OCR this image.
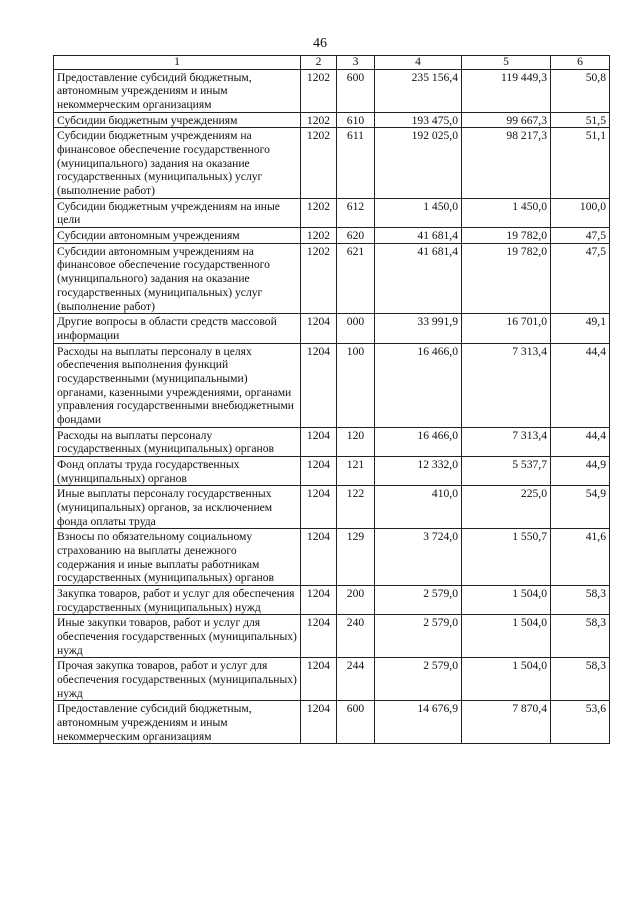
46
1	2	3	4	5	6
Предоставление субсидий бюджетным, автономным учреждениям и иным некоммерческим организациям	1202	600	235 156,4	119 449,3	50,8
Субсидии бюджетным учреждениям	1202	610	193 475,0	99 667,3	51,5
Субсидии бюджетным учреждениям на финансовое обеспечение государственного (муниципального) задания на оказание государственных (муниципальных) услуг (выполнение работ)	1202	611	192 025,0	98 217,3	51,1
Субсидии бюджетным учреждениям на иные цели	1202	612	1 450,0	1 450,0	100,0
Субсидии автономным учреждениям	1202	620	41 681,4	19 782,0	47,5
Субсидии автономным учреждениям на финансовое обеспечение государственного (муниципального) задания на оказание государственных (муниципальных) услуг (выполнение работ)	1202	621	41 681,4	19 782,0	47,5
Другие вопросы в области средств массовой информации	1204	000	33 991,9	16 701,0	49,1
Расходы на выплаты персоналу в целях обеспечения выполнения функций государственными (муниципальными) органами, казенными учреждениями, органами управления государственными внебюджетными фондами	1204	100	16 466,0	7 313,4	44,4
Расходы на выплаты персоналу государственных (муниципальных) органов	1204	120	16 466,0	7 313,4	44,4
Фонд оплаты труда государственных (муниципальных) органов	1204	121	12 332,0	5 537,7	44,9
Иные выплаты персоналу государственных (муниципальных) органов, за исключением фонда оплаты труда	1204	122	410,0	225,0	54,9
Взносы по обязательному социальному страхованию на выплаты денежного содержания и иные выплаты работникам государственных (муниципальных) органов	1204	129	3 724,0	1 550,7	41,6
Закупка товаров, работ и услуг для обеспечения государственных (муниципальных) нужд	1204	200	2 579,0	1 504,0	58,3
Иные закупки товаров, работ и услуг для обеспечения государственных (муниципальных) нужд	1204	240	2 579,0	1 504,0	58,3
Прочая закупка товаров, работ и услуг для обеспечения государственных (муниципальных) нужд	1204	244	2 579,0	1 504,0	58,3
Предоставление субсидий бюджетным, автономным учреждениям и иным некоммерческим организациям	1204	600	14 676,9	7 870,4	53,6
